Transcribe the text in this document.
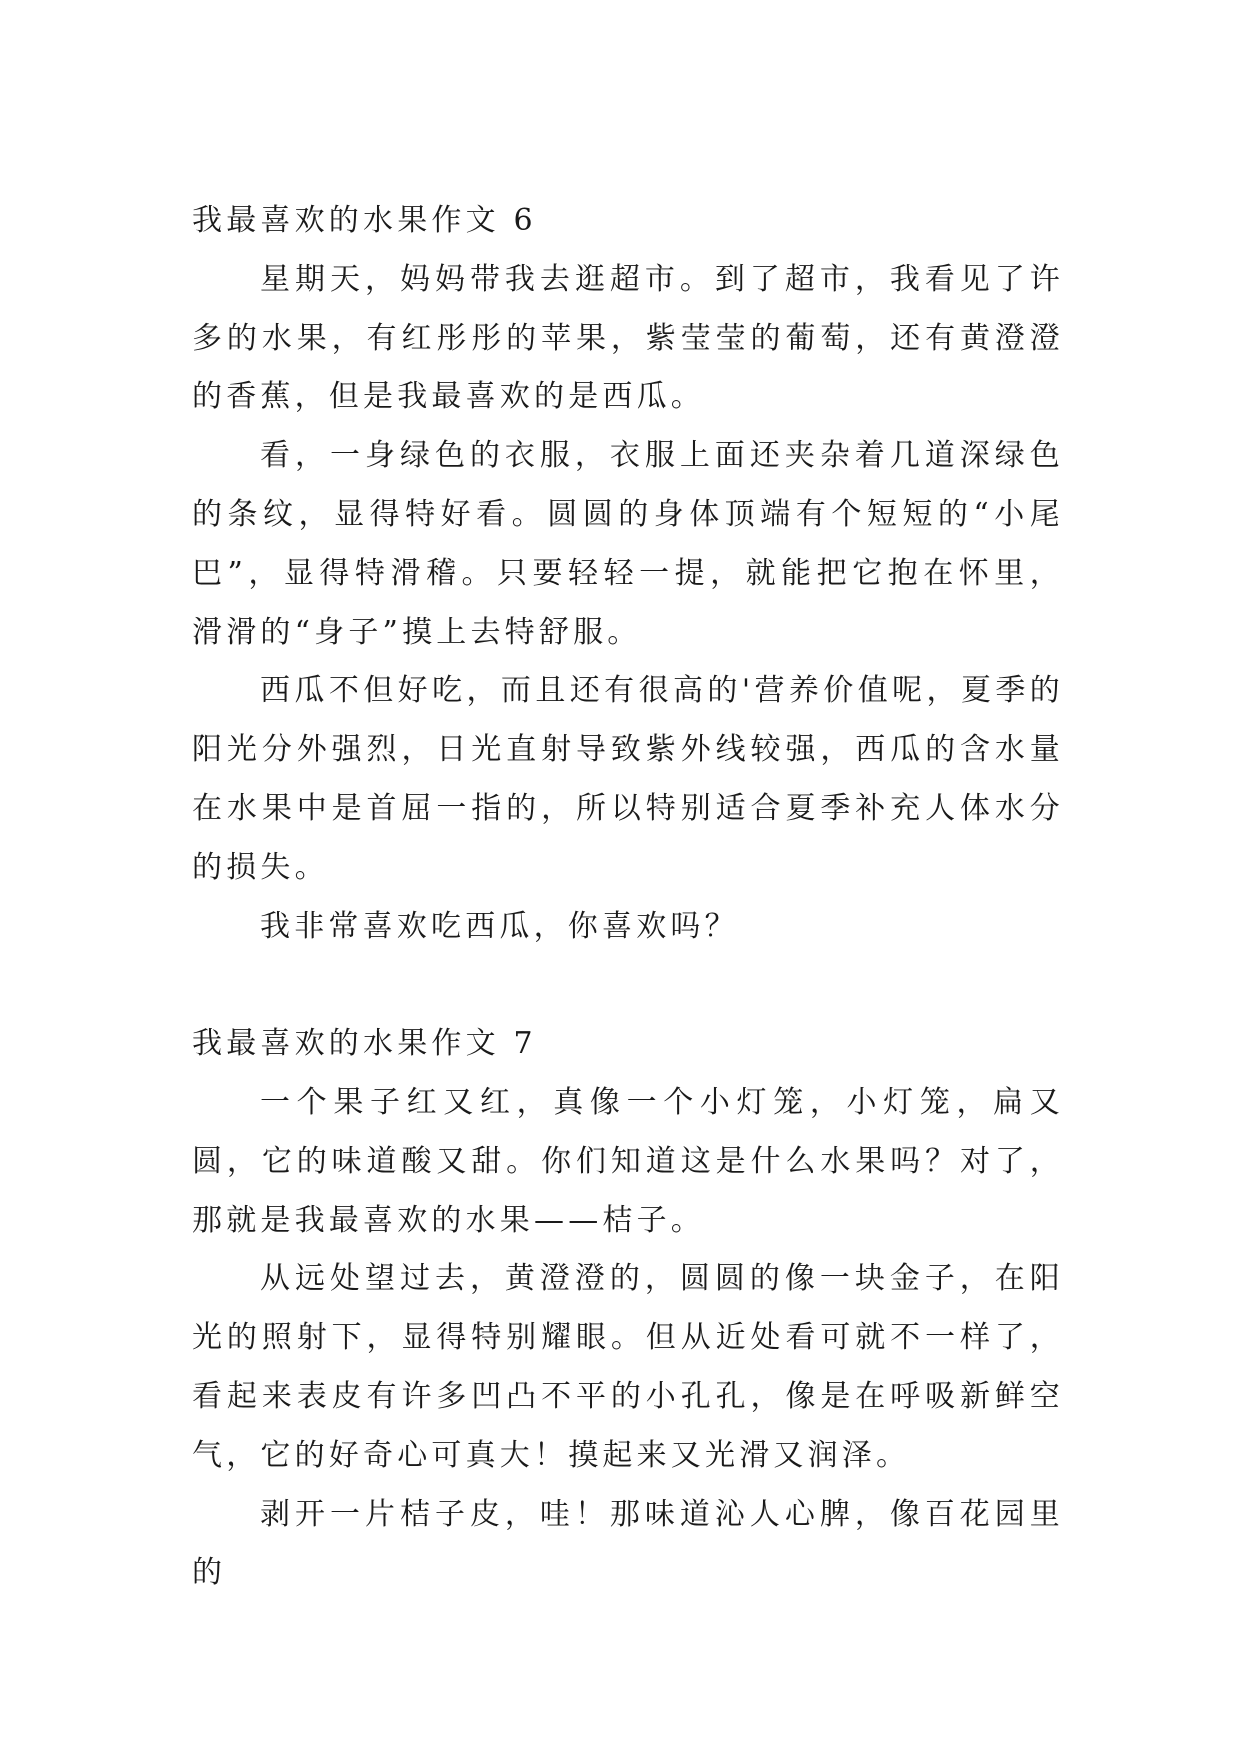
我最喜欢的水果作文 6

星期天，妈妈带我去逛超市。到了超市，我看见了许多的水果，有红彤彤的苹果，紫莹莹的葡萄，还有黄澄澄的香蕉，但是我最喜欢的是西瓜。

看，一身绿色的衣服，衣服上面还夹杂着几道深绿色的条纹，显得特好看。圆圆的身体顶端有个短短的“小尾巴”，显得特滑稽。只要轻轻一提，就能把它抱在怀里，滑滑的“身子”摸上去特舒服。

西瓜不但好吃，而且还有很高的'营养价值呢，夏季的阳光分外强烈，日光直射导致紫外线较强，西瓜的含水量在水果中是首屈一指的，所以特别适合夏季补充人体水分的损失。

我非常喜欢吃西瓜，你喜欢吗？

我最喜欢的水果作文 7

一个果子红又红，真像一个小灯笼，小灯笼，扁又圆，它的味道酸又甜。你们知道这是什么水果吗？对了，那就是我最喜欢的水果——桔子。

从远处望过去，黄澄澄的，圆圆的像一块金子，在阳光的照射下，显得特别耀眼。但从近处看可就不一样了，看起来表皮有许多凹凸不平的小孔孔，像是在呼吸新鲜空气，它的好奇心可真大！摸起来又光滑又润泽。

剥开一片桔子皮，哇！那味道沁人心脾，像百花园里的
